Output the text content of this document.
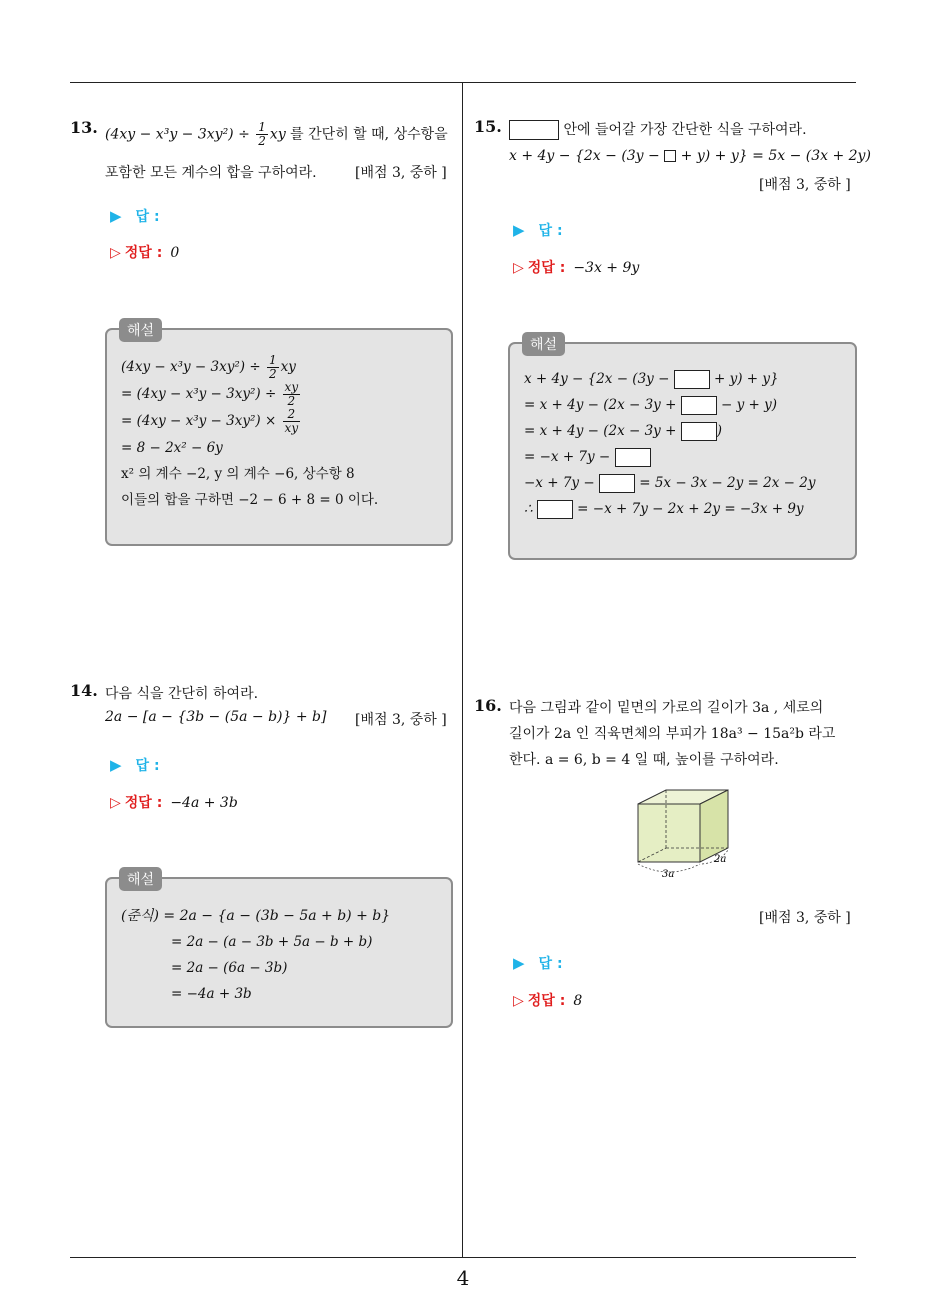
4
13. $(4xy - x^3y - 3xy^2) \div \frac{1}{2}$ xy 를 간단히 할 때, 상수항을
포함한 모든 계수의 합을 구하여라.	[배점 3, 중하 ]
▶ 답 :
▷ 정답 : 0
해설
$(4xy - x^3y - 3xy^2) \div \frac{1}{2}$ xy
= $(4xy - x^3y - 3xy^2) \div \frac{xy}{2}$
= $(4xy - x^3y - 3xy^2) \times \frac{2}{xy}$
= 8 − 2x² − 6y
x² 의 계수 −2, y 의 계수 −6, 상수항 8
이들의 합을 구하면 −2 − 6 + 8 = 0 이다.
14. 다음 식을 간단히 하여라.
2a − [a − {3b − (5a − b)} + b] [배점 3, 중하 ]
▶ 답 :
▷ 정답 : −4a + 3b
해설
(준식) = 2a − {a − (3b − 5a + b) + b}
= 2a − (a − 3b + 5a − b + b)
= 2a − (6a − 3b)
= −4a + 3b
15.	안에 들어갈 가장 간단한 식을 구하여라.
x + 4y − {2x − (3y −  + y) + y} = 5x − (3x + 2y)
[배점 3, 중하 ]
▶ 답 :
▷ 정답 : −3x + 9y
해설
x + 4y − {2x − (3y −	+ y) + y}
= x + 4y − (2x − 3y +	− y + y)
= x + 4y − (2x − 3y +	)
= −x + 7y −
−x + 7y −	= 5x − 3x − 2y = 2x − 2y
∴	= −x + 7y − 2x + 2y = −3x + 9y
16. 다음 그림과 같이 밑면의 가로의 길이가 3a , 세로의
길이가 2a 인 직육면체의 부피가 18a³ − 15a²b 라고
한다. a = 6, b = 4 일 때, 높이를 구하여라.
3a
2a
[배점 3, 중하 ]
▶ 답 :
▷ 정답 : 8
